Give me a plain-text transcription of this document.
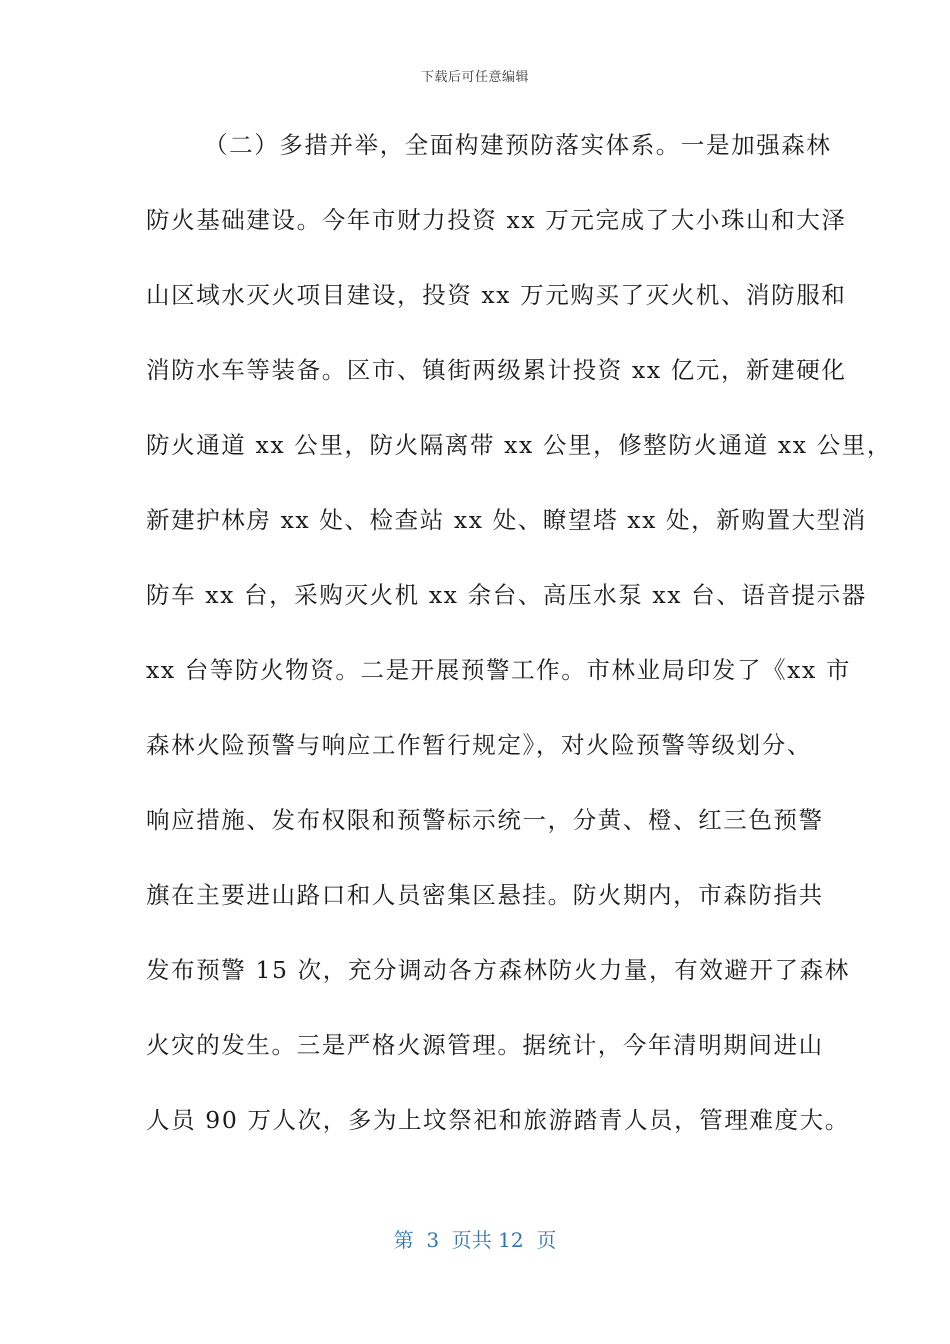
下载后可任意编辑
（二）多措并举，全面构建预防落实体系。一是加强森林
防火基础建设。今年市财力投资 xx 万元完成了大小珠山和大泽
山区域水灭火项目建设，投资 xx 万元购买了灭火机、消防服和
消防水车等装备。区市、镇街两级累计投资 xx 亿元，新建硬化
防火通道 xx 公里，防火隔离带 xx 公里，修整防火通道 xx 公里，
新建护林房 xx 处、检查站 xx 处、瞭望塔 xx 处，新购置大型消
防车 xx 台，采购灭火机 xx 余台、高压水泵 xx 台、语音提示器
xx 台等防火物资。二是开展预警工作。市林业局印发了《xx 市
森林火险预警与响应工作暂行规定》，对火险预警等级划分、
响应措施、发布权限和预警标示统一，分黄、橙、红三色预警
旗在主要进山路口和人员密集区悬挂。防火期内，市森防指共
发布预警 15 次，充分调动各方森林防火力量，有效避开了森林
火灾的发生。三是严格火源管理。据统计，今年清明期间进山
人员 90 万人次，多为上坟祭祀和旅游踏青人员，管理难度大。
第  3  页共 12  页
